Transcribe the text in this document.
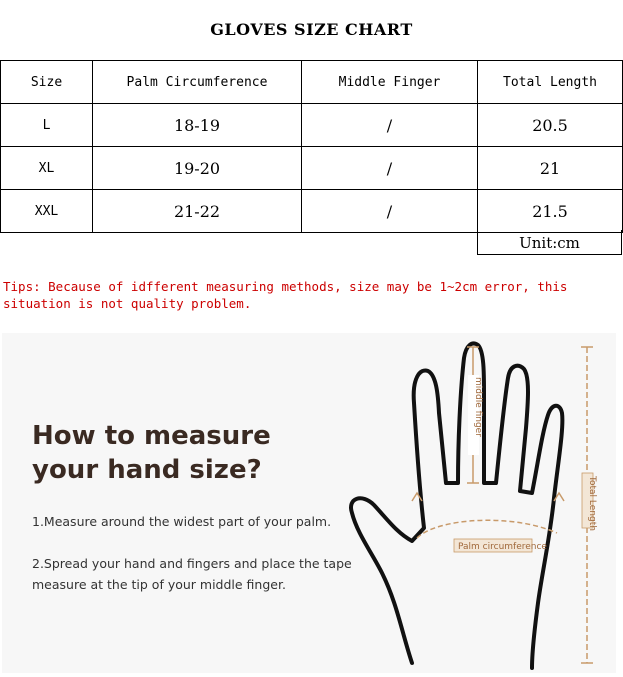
GLOVES SIZE CHART
Size	Palm Circumference	Middle Finger	Total Length
L	18-19	/	20.5
XL	19-20	/	21
XXL	21-22	/	21.5
Unit:cm
Tips: Because of idfferent measuring methods, size may be 1~2cm error, this situation is not quality problem.
How to measure
your hand size?
1.Measure around the widest part of your palm.
2.Spread your hand and fingers and place the tape measure at the tip of your middle finger.
middle finger
Total Length
Palm circumference
